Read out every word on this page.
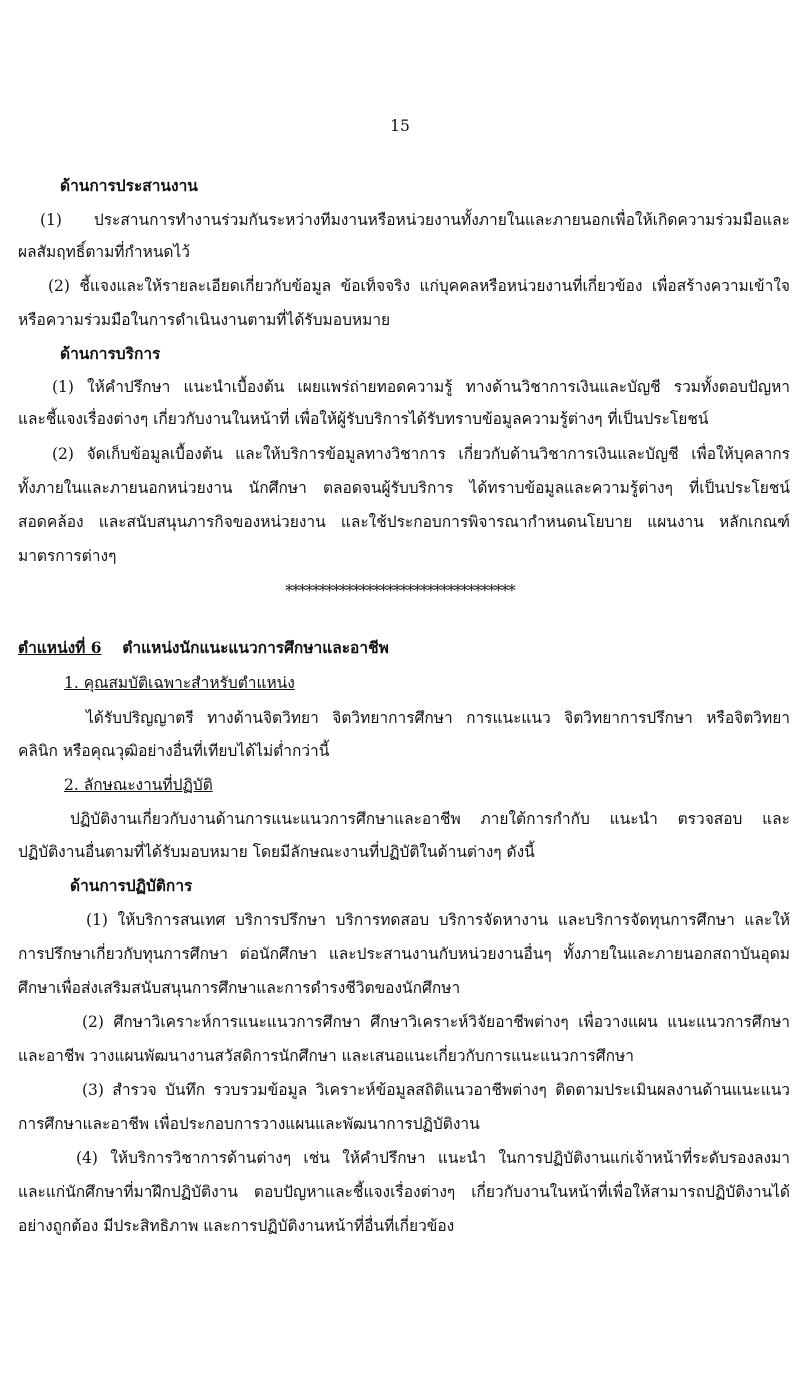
15
ด้านการประสานงาน
(1) ประสานการทำงานร่วมกันระหว่างทีมงานหรือหน่วยงานทั้งภายในและภายนอกเพื่อให้เกิดความร่วมมือและ
ผลสัมฤทธิ์ตามที่กำหนดไว้
(2) ชี้แจงและให้รายละเอียดเกี่ยวกับข้อมูล ข้อเท็จจริง แก่บุคคลหรือหน่วยงานที่เกี่ยวข้อง เพื่อสร้างความเข้าใจ
หรือความร่วมมือในการดำเนินงานตามที่ได้รับมอบหมาย
ด้านการบริการ
(1) ให้คำปรึกษา แนะนำเบื้องต้น เผยแพร่ถ่ายทอดความรู้ ทางด้านวิชาการเงินและบัญชี รวมทั้งตอบปัญหา
และชี้แจงเรื่องต่างๆ เกี่ยวกับงานในหน้าที่ เพื่อให้ผู้รับบริการได้รับทราบข้อมูลความรู้ต่างๆ ที่เป็นประโยชน์
(2) จัดเก็บข้อมูลเบื้องต้น และให้บริการข้อมูลทางวิชาการ เกี่ยวกับด้านวิชาการเงินและบัญชี เพื่อให้บุคลากร
ทั้งภายในและภายนอกหน่วยงาน นักศึกษา ตลอดจนผู้รับบริการ ได้ทราบข้อมูลและความรู้ต่างๆ ที่เป็นประโยชน์
สอดคล้อง และสนับสนุนภารกิจของหน่วยงาน และใช้ประกอบการพิจารณากำหนดนโยบาย แผนงาน หลักเกณฑ์
มาตรการต่างๆ
**********************************
ตำแหน่งที่ 6 ตำแหน่งนักแนะแนวการศึกษาและอาชีพ
1. คุณสมบัติเฉพาะสำหรับตำแหน่ง
ได้รับปริญญาตรี ทางด้านจิตวิทยา จิตวิทยาการศึกษา การแนะแนว จิตวิทยาการปรึกษา หรือจิตวิทยา
คลินิก หรือคุณวุฒิอย่างอื่นที่เทียบได้ไม่ต่ำกว่านี้
2. ลักษณะงานที่ปฏิบัติ
ปฏิบัติงานเกี่ยวกับงานด้านการแนะแนวการศึกษาและอาชีพ ภายใต้การกำกับ แนะนำ ตรวจสอบ และ
ปฏิบัติงานอื่นตามที่ได้รับมอบหมาย โดยมีลักษณะงานที่ปฏิบัติในด้านต่างๆ ดังนี้
ด้านการปฏิบัติการ
(1) ให้บริการสนเทศ บริการปรึกษา บริการทดสอบ บริการจัดหางาน และบริการจัดทุนการศึกษา และให้
การปรึกษาเกี่ยวกับทุนการศึกษา ต่อนักศึกษา และประสานงานกับหน่วยงานอื่นๆ ทั้งภายในและภายนอกสถาบันอุดม
ศึกษาเพื่อส่งเสริมสนับสนุนการศึกษาและการดำรงชีวิตของนักศึกษา
(2) ศึกษาวิเคราะห์การแนะแนวการศึกษา ศึกษาวิเคราะห์วิจัยอาชีพต่างๆ เพื่อวางแผน แนะแนวการศึกษา
และอาชีพ วางแผนพัฒนางานสวัสดิการนักศึกษา และเสนอแนะเกี่ยวกับการแนะแนวการศึกษา
(3) สำรวจ บันทึก รวบรวมข้อมูล วิเคราะห์ข้อมูลสถิติแนวอาชีพต่างๆ ติดตามประเมินผลงานด้านแนะแนว
การศึกษาและอาชีพ เพื่อประกอบการวางแผนและพัฒนาการปฏิบัติงาน
(4) ให้บริการวิชาการด้านต่างๆ เช่น ให้คำปรึกษา แนะนำ ในการปฏิบัติงานแก่เจ้าหน้าที่ระดับรองลงมา
และแก่นักศึกษาที่มาฝึกปฏิบัติงาน ตอบปัญหาและชี้แจงเรื่องต่างๆ เกี่ยวกับงานในหน้าที่เพื่อให้สามารถปฏิบัติงานได้
อย่างถูกต้อง มีประสิทธิภาพ และการปฏิบัติงานหน้าที่อื่นที่เกี่ยวข้อง
